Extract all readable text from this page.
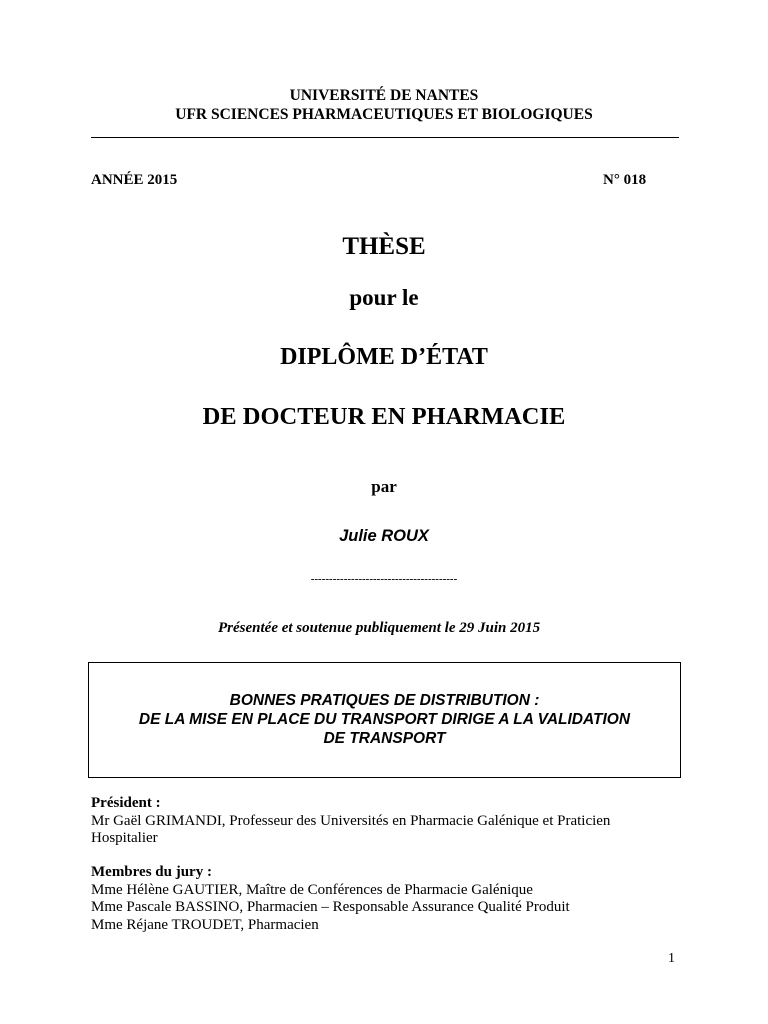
UNIVERSITÉ DE NANTES
UFR SCIENCES PHARMACEUTIQUES ET BIOLOGIQUES
ANNÉE 2015	N° 018
THÈSE
pour le
DIPLÔME D’ÉTAT
DE DOCTEUR EN PHARMACIE
par
Julie ROUX
----------------------------------------
Présentée et soutenue publiquement le 29 Juin 2015
BONNES PRATIQUES DE DISTRIBUTION :
DE LA MISE EN PLACE DU TRANSPORT DIRIGE A LA VALIDATION
DE TRANSPORT
Président :
Mr Gaël GRIMANDI, Professeur des Universités en Pharmacie Galénique et Praticien
Hospitalier
Membres du jury :
Mme Hélène GAUTIER, Maître de Conférences de Pharmacie Galénique
Mme Pascale BASSINO, Pharmacien – Responsable Assurance Qualité Produit
Mme Réjane TROUDET, Pharmacien
1
